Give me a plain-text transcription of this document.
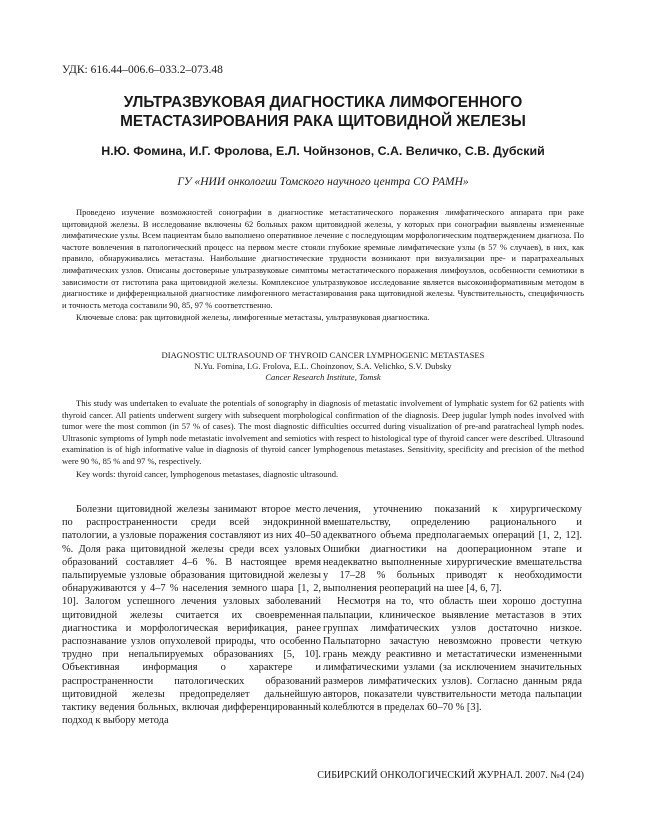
УДК: 616.44–006.6–033.2–073.48
УЛЬТРАЗВУКОВАЯ ДИАГНОСТИКА ЛИМФОГЕННОГО
МЕТАСТАЗИРОВАНИЯ РАКА ЩИТОВИДНОЙ ЖЕЛЕЗЫ
Н.Ю. Фомина, И.Г. Фролова, Е.Л. Чойнзонов, С.А. Величко, С.В. Дубский
ГУ «НИИ онкологии Томского научного центра СО РАМН»

Проведено изучение возможностей сонографии в диагностике метастатического поражения лимфатического аппарата при раке щитовидной железы. В исследование включены 62 больных раком щитовидной железы, у которых при сонографии выявлены измененные лимфатические узлы. Всем пациентам было выполнено оперативное лечение с последующим морфологическим подтверждением диагноза. По частоте вовлечения в патологический процесс на первом месте стояли глубокие яремные лимфатические узлы (в 57 % случаев), в них, как правило, обнаруживались метастазы. Наибольшие диагностические трудности возникают при визуализации пре- и паратрахеальных лимфатических узлов. Описаны достоверные ультразвуковые симптомы метастатического поражения лимфоузлов, особенности семиотики в зависимости от гистотипа рака щитовидной железы. Комплексное ультразвуковое исследование является высокоинформативным методом в диагностике и дифференциальной диагностике лимфогенного метастазирования рака щитовидной железы. Чувствительность, специфичность и точность метода составили 90, 85, 97 % соответственно.

Ключевые слова: рак щитовидной железы, лимфогенные метастазы, ультразвуковая диагностика.

DIAGNOSTIC ULTRASOUND OF THYROID CANCER LYMPHOGENIC METASTASES
N.Yu. Fomina, I.G. Frolova, E.L. Choinzonov, S.A. Velichko, S.V. Dubsky
Cancer Research Institute, Tomsk

This study was undertaken to evaluate the potentials of sonography in diagnosis of metastatic involvement of lymphatic system for 62 patients with thyroid cancer. All patients underwent surgery with subsequent morphological confirmation of the diagnosis. Deep jugular lymph nodes involved with tumor were the most common (in 57 % of cases). The most diagnostic difficulties occurred during visualization of pre-and paratracheal lymph nodes. Ultrasonic symptoms of lymph node metastatic involvement and semiotics with respect to histological type of thyroid cancer were described. Ultrasound examination is of high informative value in diagnosis of thyroid cancer lymphogenous metastases. Sensitivity, specificity and precision of the method were 90 %, 85 % and 97 %, respectively.

Key words: thyroid cancer, lymphogenous metastases, diagnostic ultrasound.

Болезни щитовидной железы занимают второе место по распространенности среди всей эндокринной патологии, а узловые поражения составляют из них 40–50 %. Доля рака щитовидной железы среди всех узловых образований составляет 4–6 %. В настоящее время пальпируемые узловые образования щитовидной железы обнаруживаются у 4–7 % населения земного шара [1, 2, 10]. Залогом успешного лечения узловых заболеваний щитовидной железы считается их своевременная диагностика и морфологическая верификация, ранее распознавание узлов опухолевой природы, что особенно трудно при непальпируемых образованиях [5, 10]. Объективная информация о характере и распространенности патологических образований щитовидной железы предопределяет дальнейшую тактику ведения больных, включая дифференцированный подход к выбору метода

лечения, уточнению показаний к хирургическому вмешательству, определению рационального и адекватного объема предполагаемых операций [1, 2, 12]. Ошибки диагностики на дооперационном этапе и неадекватно выполненные хирургические вмешательства у 17–28 % больных приводят к необходимости выполнения реопераций на шее [4, 6, 7].

Несмотря на то, что область шеи хорошо доступна пальпации, клиническое выявление метастазов в этих группах лимфатических узлов достаточно низкое. Пальпаторно зачастую невозможно провести четкую грань между реактивно и метастатически измененными лимфатическими узлами (за исключением значительных размеров лимфатических узлов). Согласно данным ряда авторов, показатели чувствительности метода пальпации колеблются в пределах 60–70 % [3].

СИБИРСКИЙ ОНКОЛОГИЧЕСКИЙ ЖУРНАЛ. 2007. №4 (24)
